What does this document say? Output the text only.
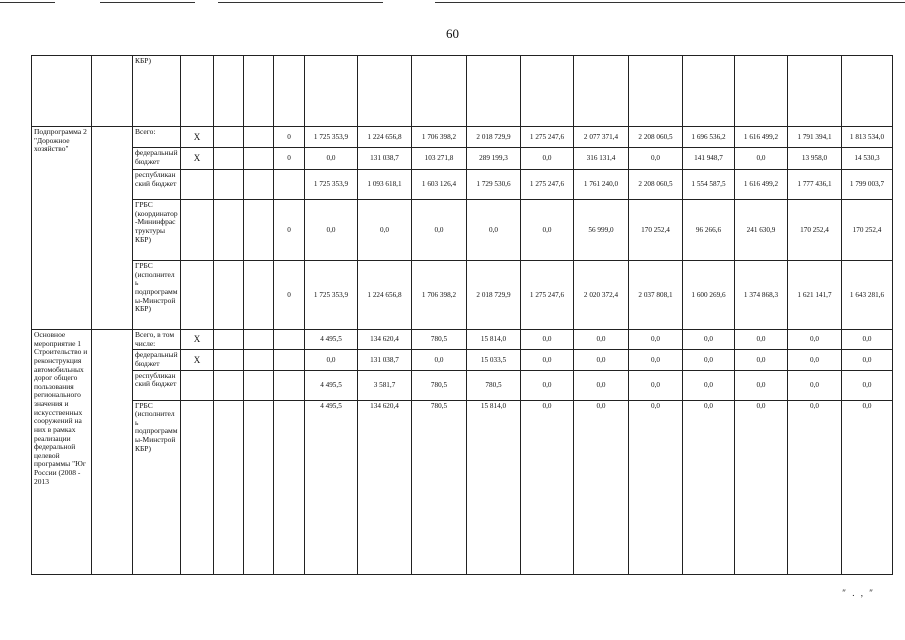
60
		КБР)															
Подпрограмма 2 "Дорожное хозяйство"		Всего:	X			0	1 725 353,9	1 224 656,8	1 706 398,2	2 018 729,9	1 275 247,6	2 077 371,4	2 208 060,5	1 696 536,2	1 616 499,2	1 791 394,1	1 813 534,0
		федеральный бюджет	X			0	0,0	131 038,7	103 271,8	289 199,3	0,0	316 131,4	0,0	141 948,7	0,0	13 958,0	14 530,3
		республиканский бюджет					1 725 353,9	1 093 618,1	1 603 126,4	1 729 530,6	1 275 247,6	1 761 240,0	2 208 060,5	1 554 587,5	1 616 499,2	1 777 436,1	1 799 003,7
		ГРБС (координатор-Мининфраструктуры КБР)				0	0,0	0,0	0,0	0,0	0,0	56 999,0	170 252,4	96 266,6	241 630,9	170 252,4	170 252,4
		ГРБС (исполнитель подпрограммы-Минстрой КБР)				0	1 725 353,9	1 224 656,8	1 706 398,2	2 018 729,9	1 275 247,6	2 020 372,4	2 037 808,1	1 600 269,6	1 374 868,3	1 621 141,7	1 643 281,6
Основное мероприятие 1 Строительство и реконструкция автомобильных дорог общего пользования регионального значения и искусственных сооружений на них в рамках реализации федеральной целевой программы "Юг России (2008 - 2013		Всего, в том числе:	X				4 495,5	134 620,4	780,5	15 814,0	0,0	0,0	0,0	0,0	0,0	0,0	0,0
		федеральный бюджет	X				0,0	131 038,7	0,0	15 033,5	0,0	0,0	0,0	0,0	0,0	0,0	0,0
		республиканский бюджет					4 495,5	3 581,7	780,5	780,5	0,0	0,0	0,0	0,0	0,0	0,0	0,0
		ГРБС (исполнитель подпрограммы-Минстрой КБР)					4 495,5	134 620,4	780,5	15 814,0	0,0	0,0	0,0	0,0	0,0	0,0	0,0
″ . , ″
